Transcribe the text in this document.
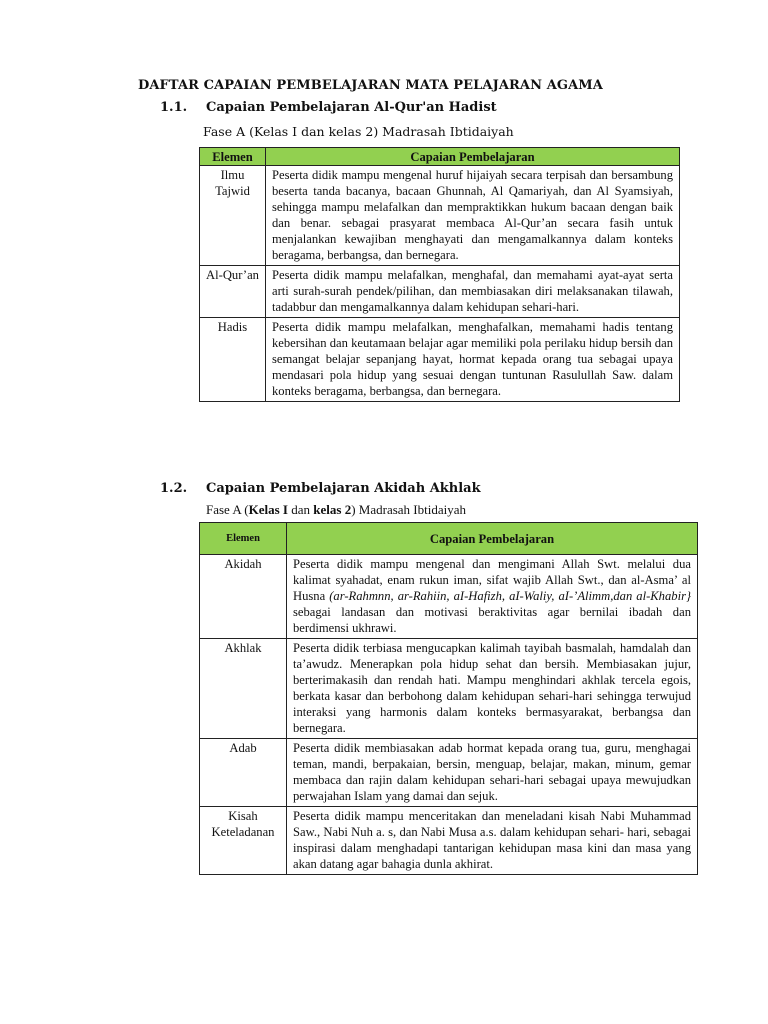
DAFTAR CAPAIAN PEMBELAJARAN MATA PELAJARAN AGAMA
1.1. Capaian Pembelajaran Al-Qur'an Hadist
Fase A (Kelas I dan kelas 2) Madrasah Ibtidaiyah
Elemen	Capaian Pembelajaran
Ilmu Tajwid	Peserta didik mampu mengenal huruf hijaiyah secara terpisah dan bersambung beserta tanda bacanya, bacaan Ghunnah, Al Qamariyah, dan Al Syamsiyah, sehingga mampu melafalkan dan mempraktikkan hukum bacaan dengan baik dan benar. sebagai prasyarat membaca Al-Qur’an secara fasih untuk menjalankan kewajiban menghayati dan mengamalkannya dalam konteks beragama, berbangsa, dan bernegara.
Al-Qur’an	Peserta didik mampu melafalkan, menghafal, dan memahami ayat-ayat serta arti surah-surah pendek/pilihan, dan membiasakan diri melaksanakan tilawah, tadabbur dan mengamalkannya dalam kehidupan sehari-hari.
Hadis	Peserta didik mampu melafalkan, menghafalkan, memahami hadis tentang kebersihan dan keutamaan belajar agar memiliki pola perilaku hidup bersih dan semangat belajar sepanjang hayat, hormat kepada orang tua sebagai upaya mendasari pola hidup yang sesuai dengan tuntunan Rasulullah Saw. dalam konteks beragama, berbangsa, dan bernegara.
1.2. Capaian Pembelajaran Akidah Akhlak
Fase A (Kelas I dan kelas 2) Madrasah Ibtidaiyah
Elemen	Capaian Pembelajaran
Akidah	Peserta didik mampu mengenal dan mengimani Allah Swt. melalui dua kalimat syahadat, enam rukun iman, sifat wajib Allah Swt., dan al-Asma’ al Husna (ar-Rahmnn, ar-Rahiin, aI-Hafizh, aI-Waliy, aI-’Alimm,dan al-Khabir} sebagai landasan dan motivasi beraktivitas agar bernilai ibadah dan berdimensi ukhrawi.
Akhlak	Peserta didik terbiasa mengucapkan kalimah tayibah basmalah, hamdalah dan ta’awudz. Menerapkan pola hidup sehat dan bersih. Membiasakan jujur, berterimakasih dan rendah hati. Mampu menghindari akhlak tercela egois, berkata kasar dan berbohong dalam kehidupan sehari-hari sehingga terwujud interaksi yang harmonis dalam konteks bermasyarakat, berbangsa dan bernegara.
Adab	Peserta didik membiasakan adab hormat kepada orang tua, guru, menghagai teman, mandi, berpakaian, bersin, menguap, belajar, makan, minum, gemar membaca dan rajin dalam kehidupan sehari-hari sebagai upaya mewujudkan perwajahan Islam yang damai dan sejuk.
Kisah Keteladanan	Peserta didik mampu menceritakan dan meneladani kisah Nabi Muhammad Saw., Nabi Nuh a. s, dan Nabi Musa a.s. dalam kehidupan sehari- hari, sebagai inspirasi dalam menghadapi tantarigan kehidupan masa kini dan masa yang akan datang agar bahagia dunla akhirat.
